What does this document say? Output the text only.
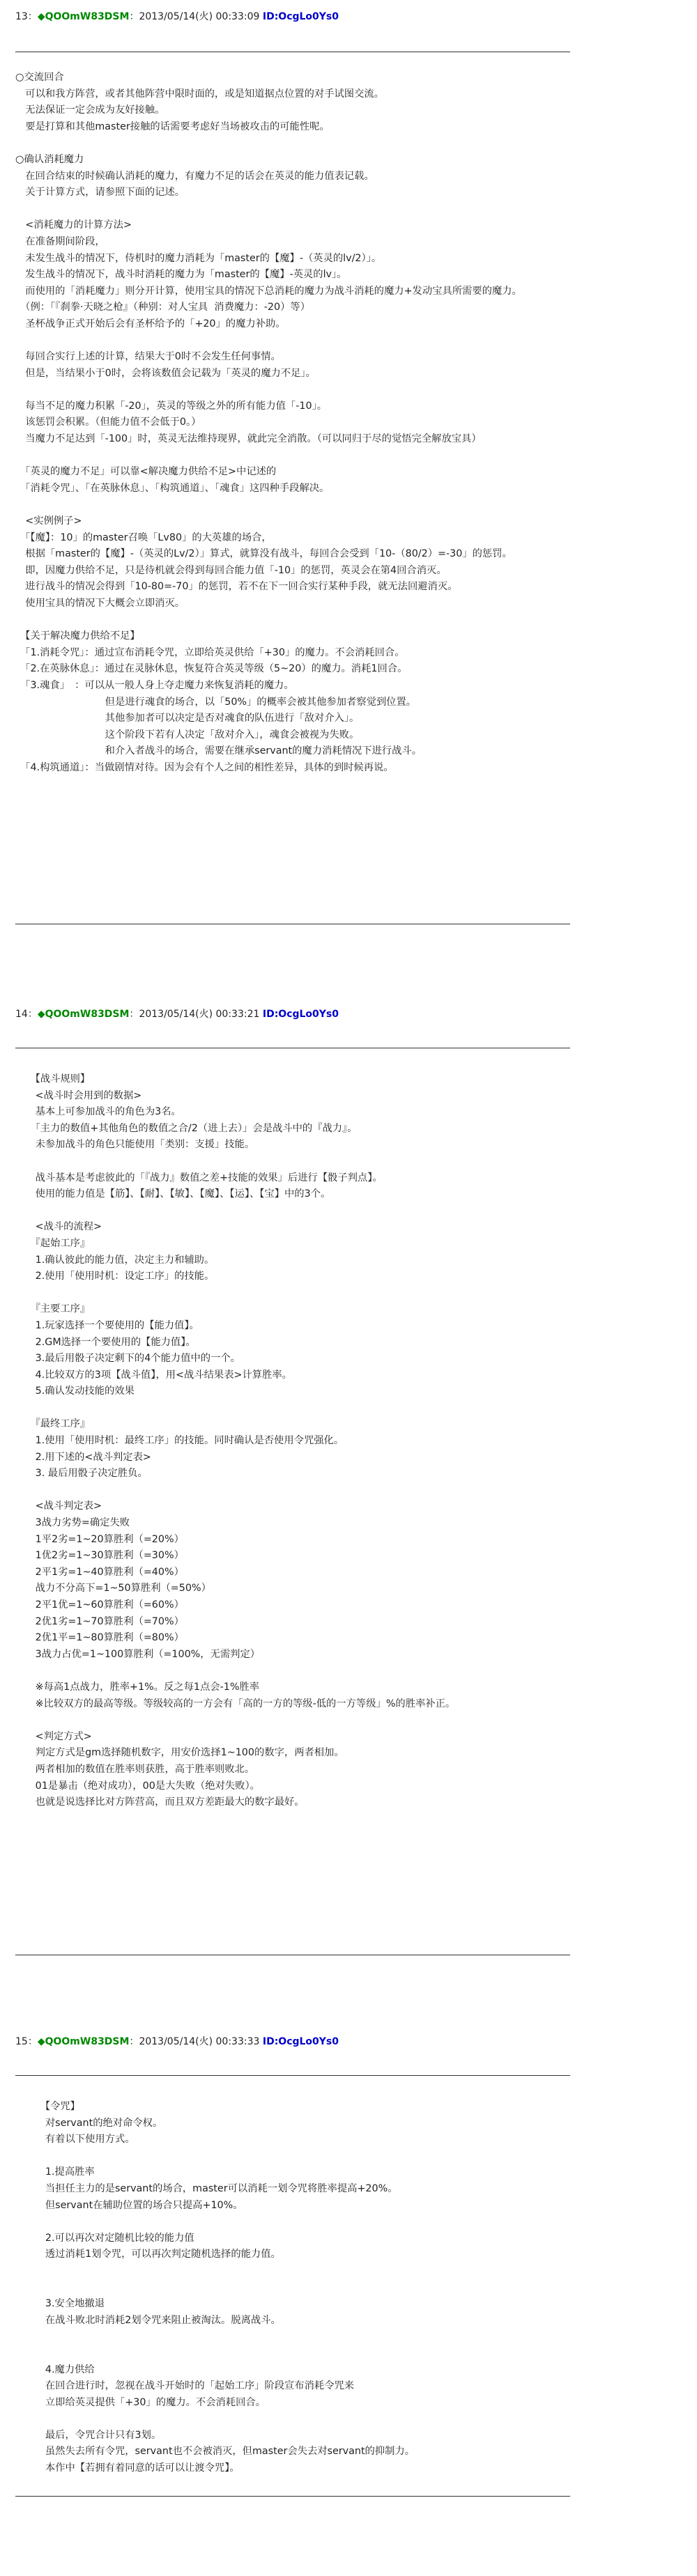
13：◆QOOmW83DSM：2013/05/14(火) 00:33:09 ID:OcgLo0Ys0
○交流回合
　可以和我方阵营，或者其他阵营中限时面的，或是知道据点位置的对手试图交流。
　无法保证一定会成为友好接触。
　要是打算和其他master接触的话需要考虑好当场被攻击的可能性呢。
○确认消耗魔力
　在回合结束的时候确认消耗的魔力，有魔力不足的话会在英灵的能力值表记载。
　关于计算方式，请参照下面的记述。
　<消耗魔力的计算方法>
　在准备期间阶段，
　未发生战斗的情况下，侍机时的魔力消耗为「master的【魔】-（英灵的lv/2）」。
　发生战斗的情况下，战斗时消耗的魔力为「master的【魔】-英灵的lv」。
　而使用的「消耗魔力」则分开计算，使用宝具的情况下总消耗的魔力为战斗消耗的魔力+发动宝具所需要的魔力。
　（例：「『刹拳·天晓之枪』（种别：对人宝具  消费魔力：-20）等）
　圣杯战争正式开始后会有圣杯给予的「+20」的魔力补助。
　每回合实行上述的计算，结果大于0时不会发生任何事情。
　但是，当结果小于0时，会将该数值会记载为「英灵的魔力不足」。
　每当不足的魔力积累「-20」，英灵的等级之外的所有能力值「-10」。
　该惩罚会积累。（但能力值不会低于0。）
　当魔力不足达到「-100」时，英灵无法维持现界，就此完全消散。（可以同归于尽的觉悟完全解放宝具）
　「英灵的魔力不足」可以靠<解决魔力供给不足>中记述的
　「消耗令咒」、「在英脉休息」、「构筑通道」、「魂食」这四种手段解决。
　<实例例子>
　「【魔】：10」的master召唤「Lv80」的大英雄的场合，
　根据「master的【魔】-（英灵的Lv/2）」算式，就算没有战斗，每回合会受到「10-（80/2）=-30」的惩罚。
　即，因魔力供给不足，只是待机就会得到每回合能力值「-10」的惩罚，英灵会在第4回合消灭。
　进行战斗的情况会得到「10-80=-70」的惩罚，若不在下一回合实行某种手段，就无法回避消灭。
　使用宝具的情况下大概会立即消灭。
　【关于解决魔力供给不足】
　「1.消耗令咒」：通过宣布消耗令咒，立即给英灵供给「+30」的魔力。不会消耗回合。
　「2.在英脉休息」：通过在灵脉休息，恢复符合英灵等级（5~20）的魔力。消耗1回合。
　「3.魂食」　：可以从一般人身上夺走魔力来恢复消耗的魔力。
　　　　　　　　　但是进行魂食的场合，以「50%」的概率会被其他参加者察觉到位置。
　　　　　　　　　其他参加者可以决定是否对魂食的队伍进行「敌对介入」。
　　　　　　　　　这个阶段下若有人决定「敌对介入」，魂食会被视为失败。
　　　　　　　　　和介入者战斗的场合，需要在继承servant的魔力消耗情况下进行战斗。
　「4.构筑通道」：当做剧情对待。因为会有个人之间的相性差异，具体的到时候再说。
14：◆QOOmW83DSM：2013/05/14(火) 00:33:21 ID:OcgLo0Ys0
　　【战斗规则】
　　<战斗时会用到的数据>
　　基本上可参加战斗的角色为3名。
　　「主力的数值+其他角色的数值之合/2（进上去）」会是战斗中的『战力』。
　　未参加战斗的角色只能使用「类别：支援」技能。
　　战斗基本是考虑彼此的「『战力』数值之差+技能的效果」后进行【骰子判点】。
　　使用的能力值是【筋】、【耐】、【敏】、【魔】、【运】、【宝】中的3个。
　　<战斗的流程>
　　『起始工序』
　　1.确认彼此的能力值，决定主力和辅助。
　　2.使用「使用时机：设定工序」的技能。
　　『主要工序』
　　1.玩家选择一个要使用的【能力值】。
　　2.GM选择一个要使用的【能力值】。
　　3.最后用骰子决定剩下的4个能力值中的一个。
　　4.比较双方的3项【战斗值】，用<战斗结果表>计算胜率。
　　5.确认发动技能的效果
　　『最终工序』
　　1.使用「使用时机：最终工序」的技能。同时确认是否使用令咒强化。
　　2.用下述的<战斗判定表>
　　3. 最后用骰子决定胜负。
　　<战斗判定表>
　　3战力劣势=确定失败
　　1平2劣=1~20算胜利（=20%）
　　1优2劣=1~30算胜利（=30%）
　　2平1劣=1~40算胜利（=40%）
　　战力不分高下=1~50算胜利（=50%）
　　2平1优=1~60算胜利（=60%）
　　2优1劣=1~70算胜利（=70%）
　　2优1平=1~80算胜利（=80%）
　　3战力占优=1~100算胜利（=100%，无需判定）
　　※每高1点战力，胜率+1%。反之每1点会-1%胜率
　　※比较双方的最高等级。等级较高的一方会有「高的一方的等级-低的一方等级」%的胜率补正。
　　<判定方式>
　　判定方式是gm选择随机数字，用安价选择1~100的数字，两者相加。
　　两者相加的数值在胜率则获胜，高于胜率则败北。
　　01是暴击（绝对成功），00是大失败（绝对失败）。
　　也就是说选择比对方阵营高，而且双方差距最大的数字最好。
15：◆QOOmW83DSM：2013/05/14(火) 00:33:33 ID:OcgLo0Ys0
　　　【令咒】
　　　对servant的绝对命令权。
　　　有着以下使用方式。
　　　1.提高胜率
　　　当担任主力的是servant的场合，master可以消耗一划令咒将胜率提高+20%。
　　　但servant在辅助位置的场合只提高+10%。
　　　2.可以再次对定随机比较的能力值
　　　透过消耗1划令咒，可以再次判定随机选择的能力值。
　　　3.安全地撤退
　　　在战斗败北时消耗2划令咒来阻止被淘汰。脱离战斗。
　　　4.魔力供给
　　　在回合进行时，忽视在战斗开始时的「起始工序」阶段宣布消耗令咒来
　　　立即给英灵提供「+30」的魔力。不会消耗回合。
　　　最后，令咒合计只有3划。
　　　虽然失去所有令咒，servant也不会被消灭，但master会失去对servant的抑制力。
　　　本作中【若拥有着同意的话可以让渡令咒】。
